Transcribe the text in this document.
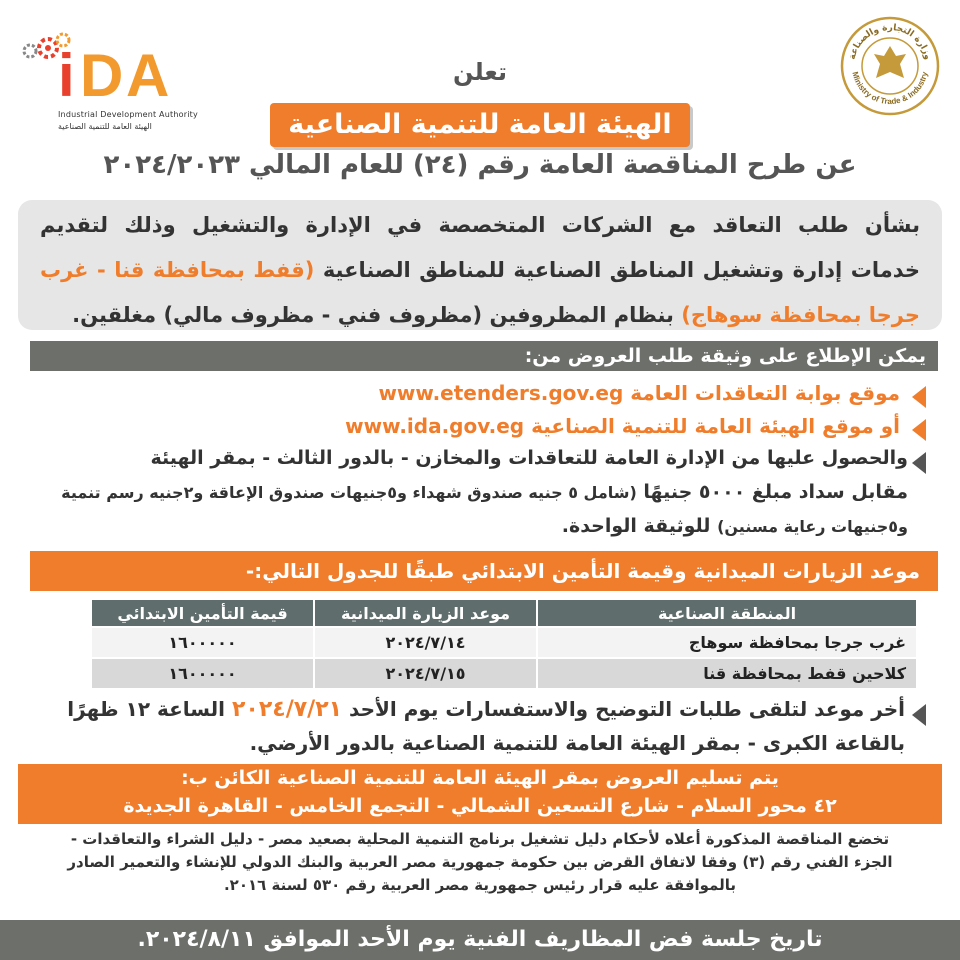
i D A
Industrial Development Authority
الهيئة العامة للتنمية الصناعية
وزارة التجارة والصناعة
Ministry of Trade & Industry
تعلن
الهيئة العامة للتنمية الصناعية
عن طرح المناقصة العامة رقم (٢٤) للعام المالي ٢٠٢٤/٢٠٢٣

بشأن طلب التعاقد مع الشركات المتخصصة في الإدارة والتشغيل وذلك لتقديم

خدمات إدارة وتشغيل المناطق الصناعية للمناطق الصناعية (قفط بمحافظة قنا - غرب

جرجا بمحافظة سوهاج) بنظام المظروفين (مظروف فني - مظروف مالي) مغلقين.

يمكن الإطلاع على وثيقة طلب العروض من:
موقع بوابة التعاقدات العامة www.etenders.gov.eg
أو موقع الهيئة العامة للتنمية الصناعية www.ida.gov.eg
والحصول عليها من الإدارة العامة للتعاقدات والمخازن - بالدور الثالث - بمقر الهيئة
مقابل سداد مبلغ ٥٠٠٠ جنيهًا (شامل ٥ جنيه صندوق شهداء و٥جنيهات صندوق الإعاقة و٢جنيه رسم تنمية
و٥جنيهات رعاية مسنين) للوثيقة الواحدة.
موعد الزيارات الميدانية وقيمة التأمين الابتدائي طبقًا للجدول التالي:-
المنطقة الصناعية	موعد الزيارة الميدانية	قيمة التأمين الابتدائي
غرب جرجا بمحافظة سوهاج	٢٠٢٤/٧/١٤	١٦٠٠٠٠٠
كلاحين قفط بمحافظة قنا	٢٠٢٤/٧/١٥	١٦٠٠٠٠٠
أخر موعد لتلقى طلبات التوضيح والاستفسارات يوم الأحد ٢٠٢٤/٧/٢١ الساعة ١٢ ظهرًا
بالقاعة الكبرى - بمقر الهيئة العامة للتنمية الصناعية بالدور الأرضي.
يتم تسليم العروض بمقر الهيئة العامة للتنمية الصناعية الكائن ب:
٤٢ محور السلام - شارع التسعين الشمالي - التجمع الخامس - القاهرة الجديدة
تخضع المناقصة المذكورة أعلاه لأحكام دليل تشغيل برنامج التنمية المحلية بصعيد مصر - دليل الشراء والتعاقدات -
الجزء الفني رقم (٣) وفقا لاتفاق القرض بين حكومة جمهورية مصر العربية والبنك الدولي للإنشاء والتعمير الصادر
بالموافقة عليه قرار رئيس جمهورية مصر العربية رقم ٥٣٠ لسنة ٢٠١٦.
تاريخ جلسة فض المظاريف الفنية يوم الأحد الموافق ٢٠٢٤/٨/١١.
